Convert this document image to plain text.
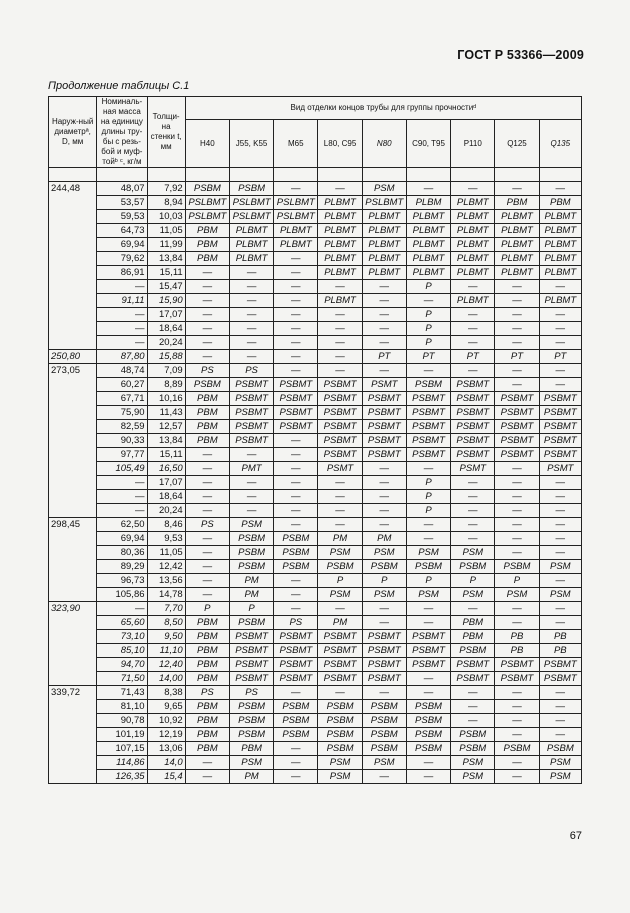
ГОСТ Р 53366—2009
Продолжение таблицы С.1
Наруж-ный диаметрª, D, мм	Номиналь-ная масса на единицу длины тру-бы с резь-бой и муф-тойᵇ ᶜ, кг/м	Толщи-на стенки t, мм	Вид отделки концов трубы для группы прочностиᵈ								
			H40	J55, K55	M65	L80, C95	N80	C90, T95	P110	Q125	Q135

244,48	48,07	7,92	PSBM	PSBM	—	—	PSM	—	—	—	—
	53,57	8,94	PSLBMT	PSLBMT	PSLBMT	PLBMT	PSLBMT	PLBM	PLBMT	PBM	PBM
	59,53	10,03	PSLBMT	PSLBMT	PSLBMT	PLBMT	PLBMT	PLBMT	PLBMT	PLBMT	PLBMT
	64,73	11,05	PBM	PLBMT	PLBMT	PLBMT	PLBMT	PLBMT	PLBMT	PLBMT	PLBMT
	69,94	11,99	PBM	PLBMT	PLBMT	PLBMT	PLBMT	PLBMT	PLBMT	PLBMT	PLBMT
	79,62	13,84	PBM	PLBMT	—	PLBMT	PLBMT	PLBMT	PLBMT	PLBMT	PLBMT
	86,91	15,11	—	—	—	PLBMT	PLBMT	PLBMT	PLBMT	PLBMT	PLBMT
	—	15,47	—	—	—	—	—	P	—	—	—
	91,11	15,90	—	—	—	PLBMT	—	—	PLBMT	—	PLBMT
	—	17,07	—	—	—	—	—	P	—	—	—
	—	18,64	—	—	—	—	—	P	—	—	—
	—	20,24	—	—	—	—	—	P	—	—	—
250,80	87,80	15,88	—	—	—	—	PT	PT	PT	PT	PT
273,05	48,74	7,09	PS	PS	—	—	—	—	—	—	—
	60,27	8,89	PSBM	PSBMT	PSBMT	PSBMT	PSMT	PSBM	PSBMT	—	—
	67,71	10,16	PBM	PSBMT	PSBMT	PSBMT	PSBMT	PSBMT	PSBMT	PSBMT	PSBMT
	75,90	11,43	PBM	PSBMT	PSBMT	PSBMT	PSBMT	PSBMT	PSBMT	PSBMT	PSBMT
	82,59	12,57	PBM	PSBMT	PSBMT	PSBMT	PSBMT	PSBMT	PSBMT	PSBMT	PSBMT
	90,33	13,84	PBM	PSBMT	—	PSBMT	PSBMT	PSBMT	PSBMT	PSBMT	PSBMT
	97,77	15,11	—	—	—	PSBMT	PSBMT	PSBMT	PSBMT	PSBMT	PSBMT
	105,49	16,50	—	PMT	—	PSMT	—	—	PSMT	—	PSMT
	—	17,07	—	—	—	—	—	P	—	—	—
	—	18,64	—	—	—	—	—	P	—	—	—
	—	20,24	—	—	—	—	—	P	—	—	—
298,45	62,50	8,46	PS	PSM	—	—	—	—	—	—	—
	69,94	9,53	—	PSBM	PSBM	PM	PM	—	—	—	—
	80,36	11,05	—	PSBM	PSBM	PSM	PSM	PSM	PSM	—	—
	89,29	12,42	—	PSBM	PSBM	PSBM	PSBM	PSBM	PSBM	PSBM	PSM
	96,73	13,56	—	PM	—	P	P	P	P	P	—
	105,86	14,78	—	PM	—	PSM	PSM	PSM	PSM	PSM	PSM
323,90	—	7,70	P	P	—	—	—	—	—	—	—
	65,60	8,50	PBM	PSBM	PS	PM	—	—	PBM	—	—
	73,10	9,50	PBM	PSBMT	PSBMT	PSBMT	PSBMT	PSBMT	PBM	PB	PB
	85,10	11,10	PBM	PSBMT	PSBMT	PSBMT	PSBMT	PSBMT	PSBM	PB	PB
	94,70	12,40	PBM	PSBMT	PSBMT	PSBMT	PSBMT	PSBMT	PSBMT	PSBMT	PSBMT
	71,50	14,00	PBM	PSBMT	PSBMT	PSBMT	PSBMT	—	PSBMT	PSBMT	PSBMT
339,72	71,43	8,38	PS	PS	—	—	—	—	—	—	—
	81,10	9,65	PBM	PSBM	PSBM	PSBM	PSBM	PSBM	—	—	—
	90,78	10,92	PBM	PSBM	PSBM	PSBM	PSBM	PSBM	—	—	—
	101,19	12,19	PBM	PSBM	PSBM	PSBM	PSBM	PSBM	PSBM	—	—
	107,15	13,06	PBM	PBM	—	PSBM	PSBM	PSBM	PSBM	PSBM	PSBM
	114,86	14,0	—	PSM	—	PSM	PSM	—	PSM	—	PSM
	126,35	15,4	—	PM	—	PSM	—	—	PSM	—	PSM
67
